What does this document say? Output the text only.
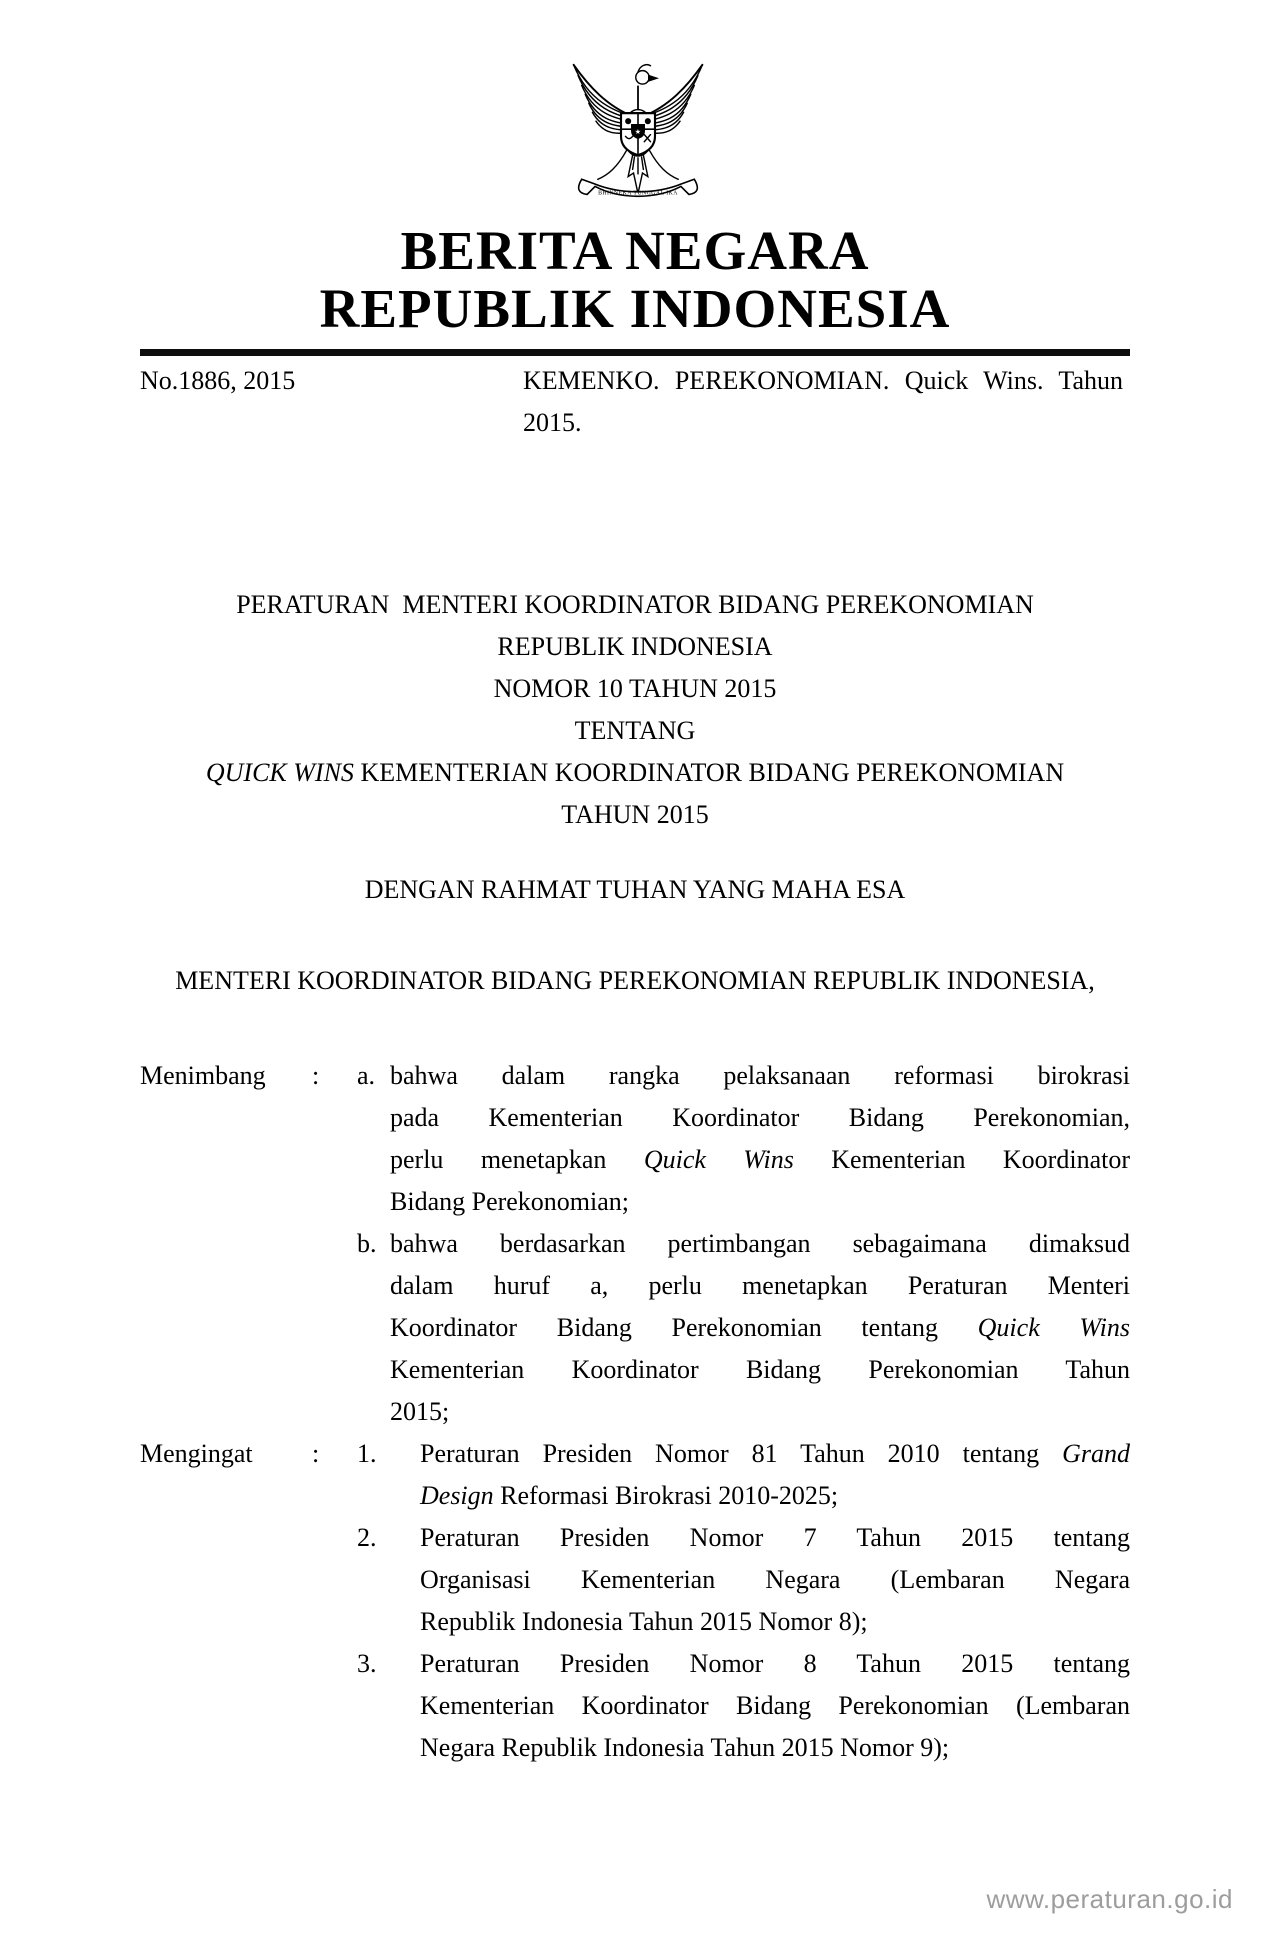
★
BHINNEKA TUNGGAL IKA
BERITA NEGARA
REPUBLIK INDONESIA
No.1886, 2015	KEMENKO. PEREKONOMIAN. Quick Wins. Tahun
2015.
PERATURAN  MENTERI KOORDINATOR BIDANG PEREKONOMIAN
REPUBLIK INDONESIA
NOMOR 10 TAHUN 2015
TENTANG
QUICK WINS KEMENTERIAN KOORDINATOR BIDANG PEREKONOMIAN
TAHUN 2015
DENGAN RAHMAT TUHAN YANG MAHA ESA
MENTERI KOORDINATOR BIDANG PEREKONOMIAN REPUBLIK INDONESIA,
Menimbang	:	a. bahwa dalam rangka pelaksanaan reformasi birokrasi
pada Kementerian Koordinator Bidang Perekonomian,
perlu menetapkan Quick Wins Kementerian Koordinator
Bidang Perekonomian;
b. bahwa berdasarkan pertimbangan sebagaimana dimaksud
dalam huruf a, perlu menetapkan Peraturan Menteri
Koordinator Bidang Perekonomian tentang Quick Wins
Kementerian Koordinator Bidang Perekonomian Tahun
2015;
Mengingat	:	1.	Peraturan Presiden Nomor 81 Tahun 2010 tentang Grand
Design Reformasi Birokrasi 2010-2025;
2.	Peraturan Presiden Nomor 7 Tahun 2015 tentang
Organisasi Kementerian Negara (Lembaran Negara
Republik Indonesia Tahun 2015 Nomor 8);
3.	Peraturan Presiden Nomor 8 Tahun 2015 tentang
Kementerian Koordinator Bidang Perekonomian (Lembaran
Negara Republik Indonesia Tahun 2015 Nomor 9);
www.peraturan.go.id
